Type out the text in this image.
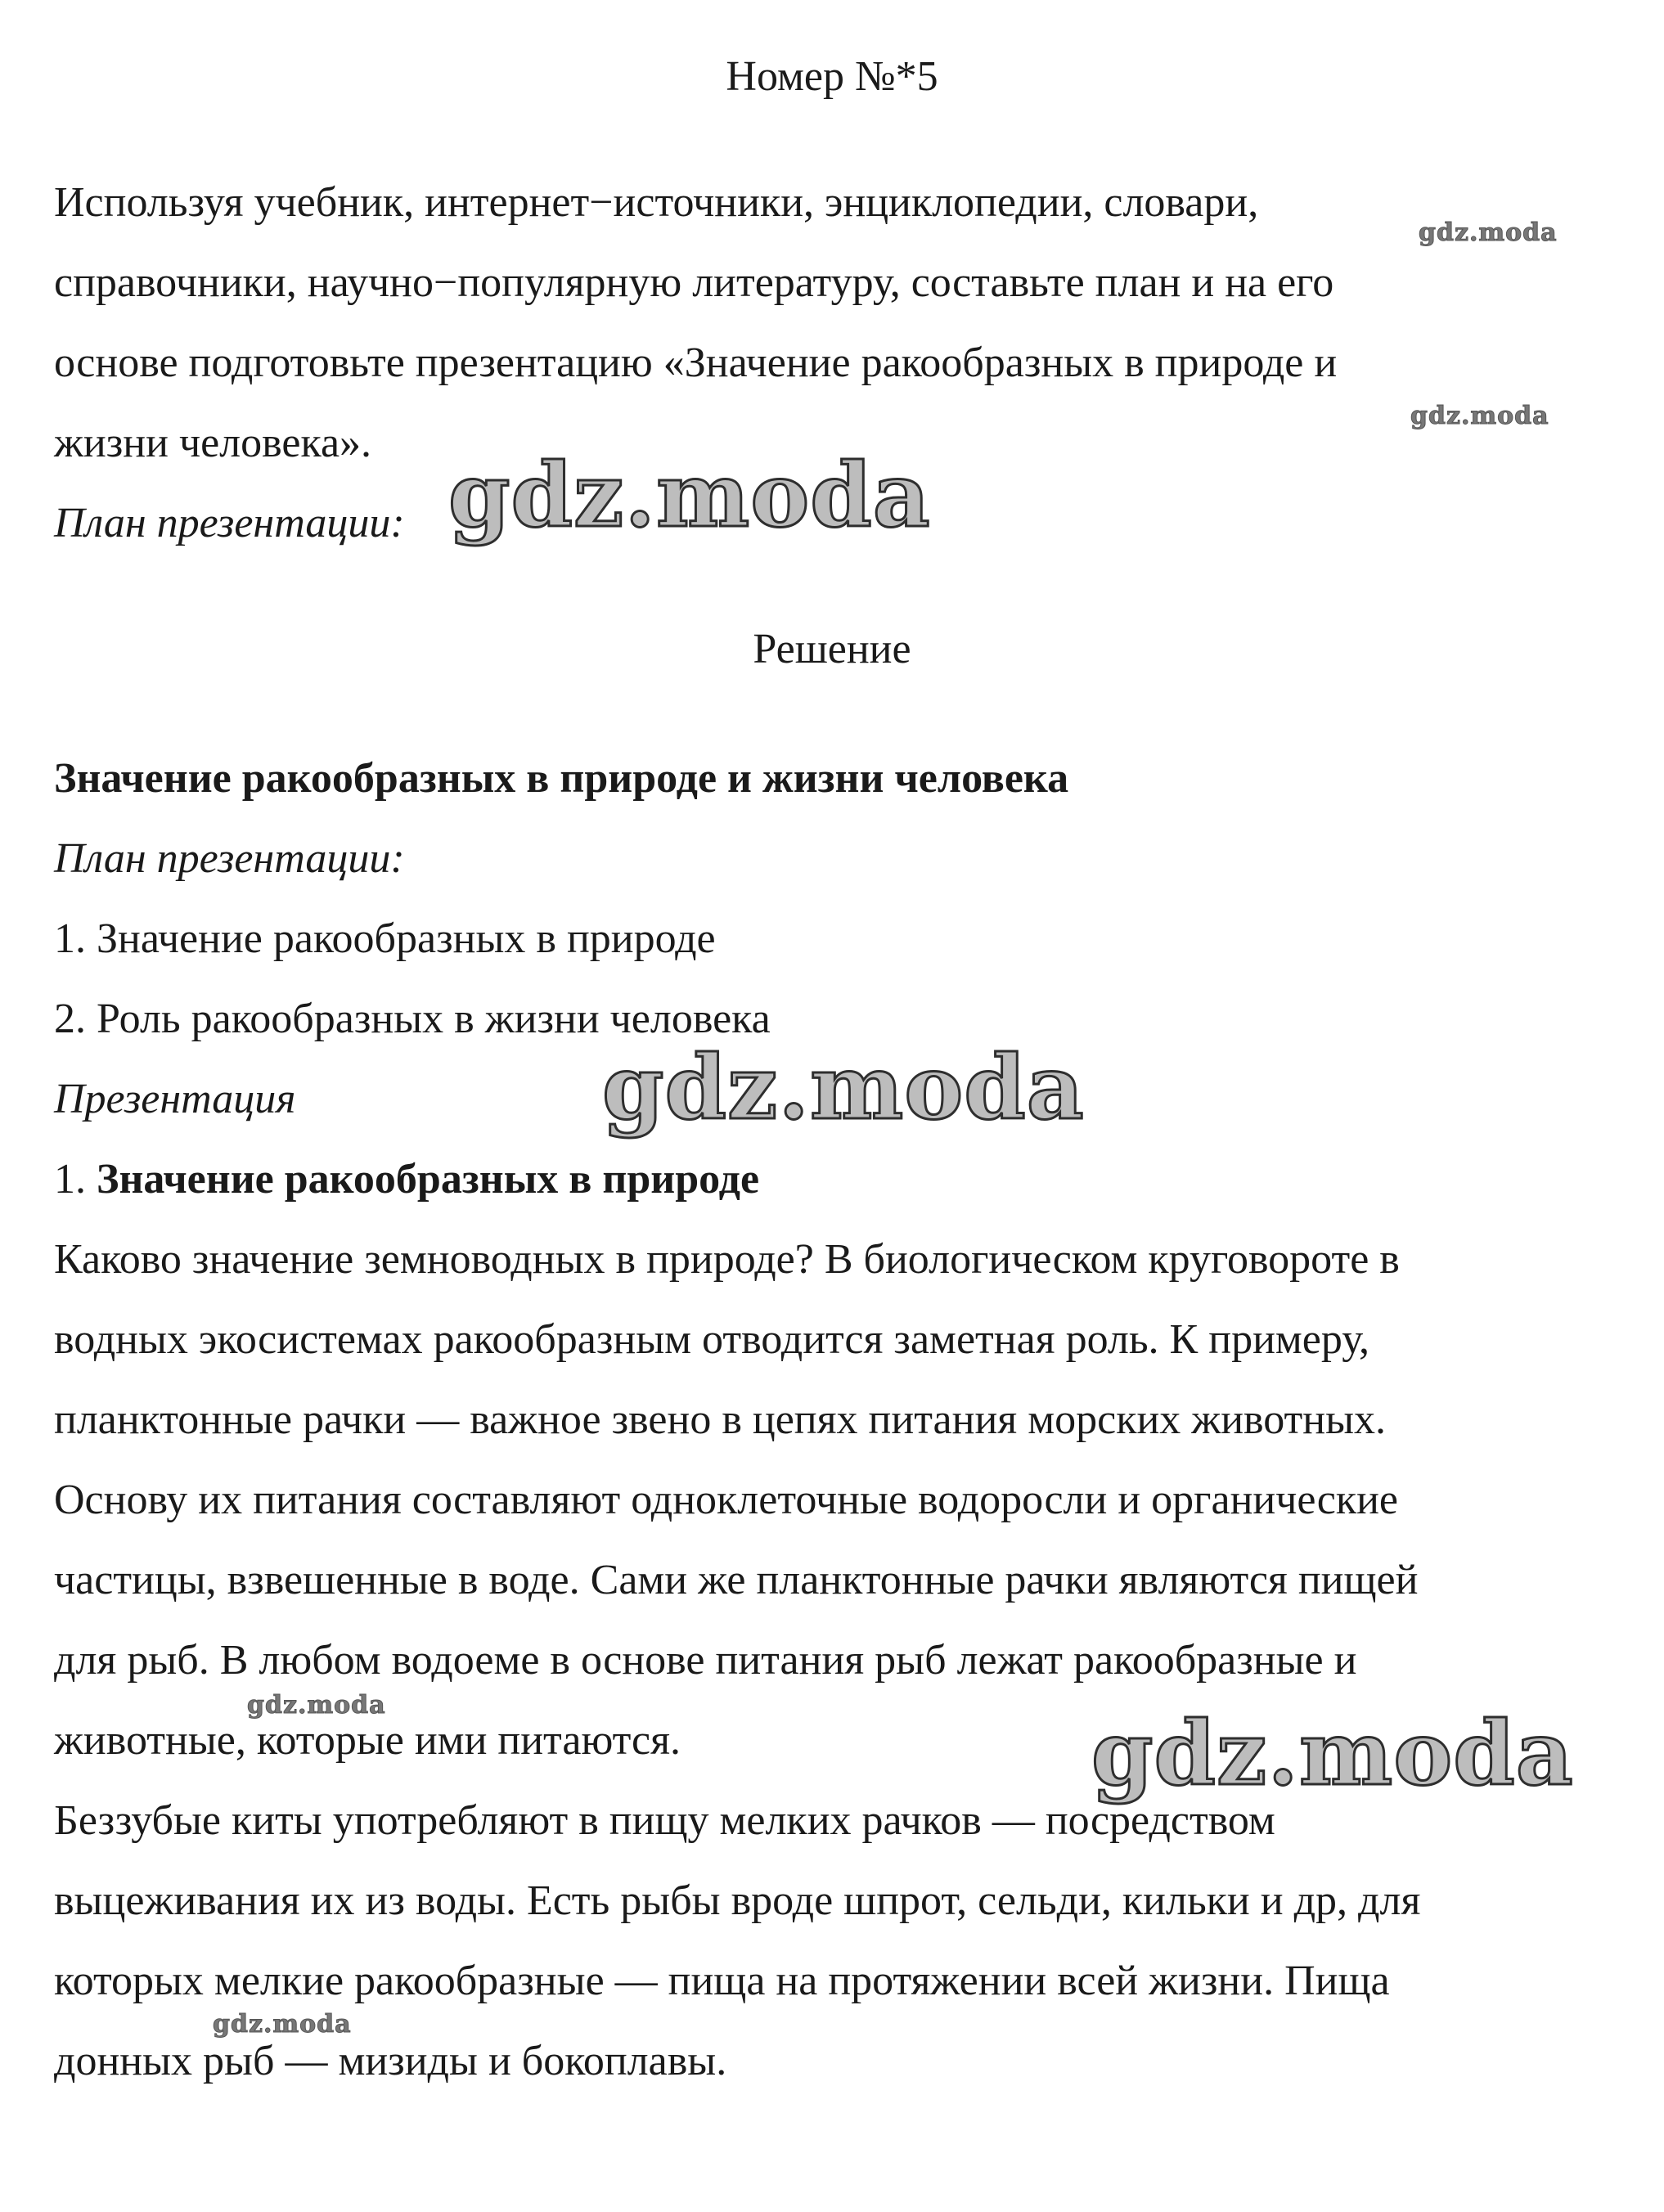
Номер №*5

Используя учебник, интернет−источники, энциклопедии, словари,

справочники, научно−популярную литературу, составьте план и на его

основе подготовьте презентацию «Значение ракообразных в природе и

жизни человека».

План презентации:

Решение

Значение ракообразных в природе и жизни человека

План презентации:

1. Значение ракообразных в природе

2. Роль ракообразных в жизни человека

Презентация

1. Значение ракообразных в природе

Каково значение земноводных в природе? В биологическом круговороте в

водных экосистемах ракообразным отводится заметная роль. К примеру,

планктонные рачки — важное звено в цепях питания морских животных.

Основу их питания составляют одноклеточные водоросли и органические

частицы, взвешенные в воде. Сами же планктонные рачки являются пищей

для рыб. В любом водоеме в основе питания рыб лежат ракообразные и

животные, которые ими питаются.

Беззубые киты употребляют в пищу мелких рачков — посредством

выцеживания их из воды. Есть рыбы вроде шпрот, сельди, кильки и др, для

которых мелкие ракообразные — пища на протяжении всей жизни. Пища

донных рыб — мизиды и бокоплавы.

gdz.moda
gdz.moda
gdz.moda
gdz.moda
gdz.moda	gdz.moda
gdz.moda
